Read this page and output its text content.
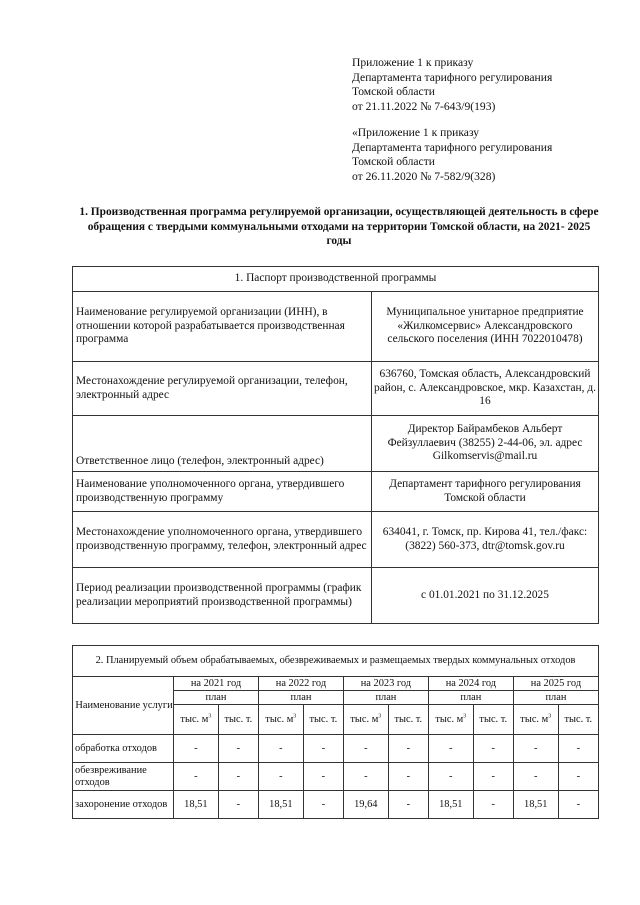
Приложение 1 к приказу
Департамента тарифного регулирования
Томской области
от 21.11.2022 № 7-643/9(193)
«Приложение 1 к приказу
Департамента тарифного регулирования
Томской области
от 26.11.2020 № 7-582/9(328)
1. Производственная программа регулируемой организации, осуществляющей деятельность в сфере обращения с твердыми коммунальными отходами на территории Томской области, на 2021- 2025 годы
1. Паспорт производственной программы	
Наименование регулируемой организации (ИНН), в отношении которой разрабатывается производственная программа	Муниципальное унитарное предприятие «Жилкомсервис» Александровского сельского поселения (ИНН 7022010478)
Местонахождение регулируемой организации, телефон, электронный адрес	636760, Томская область, Александровский район, с. Александровское, мкр. Казахстан, д. 16
Ответственное лицо (телефон, электронный адрес)	Директор Байрамбеков Альберт Фейзуллаевич (38255) 2-44-06, эл. адрес Gilkomservis@mail.ru
Наименование уполномоченного органа, утвердившего производственную программу	Департамент тарифного регулирования Томской области
Местонахождение уполномоченного органа, утвердившего производственную программу, телефон, электронный адрес	634041, г. Томск, пр. Кирова 41, тел./факс: (3822) 560-373, dtr@tomsk.gov.ru
Период реализации производственной программы (график реализации мероприятий производственной программы)	с 01.01.2021 по 31.12.2025
2. Планируемый объем обрабатываемых, обезвреживаемых и размещаемых твердых коммунальных отходов										
Наименование услуги	на 2021 год		на 2022 год		на 2023 год		на 2024 год		на 2025 год	
	план		план		план		план		план	
	тыс. $м^3$	тыс. т.	тыс. $м^3$	тыс. т.	тыс. $м^3$	тыс. т.	тыс. $м^3$	тыс. т.	тыс. $м^3$	тыс. т.
обработка отходов	-	-	-	-	-	-	-	-	-	-
обезвреживание отходов	-	-	-	-	-	-	-	-	-	-
захоронение отходов	18,51	-	18,51	-	19,64	-	18,51	-	18,51	-
